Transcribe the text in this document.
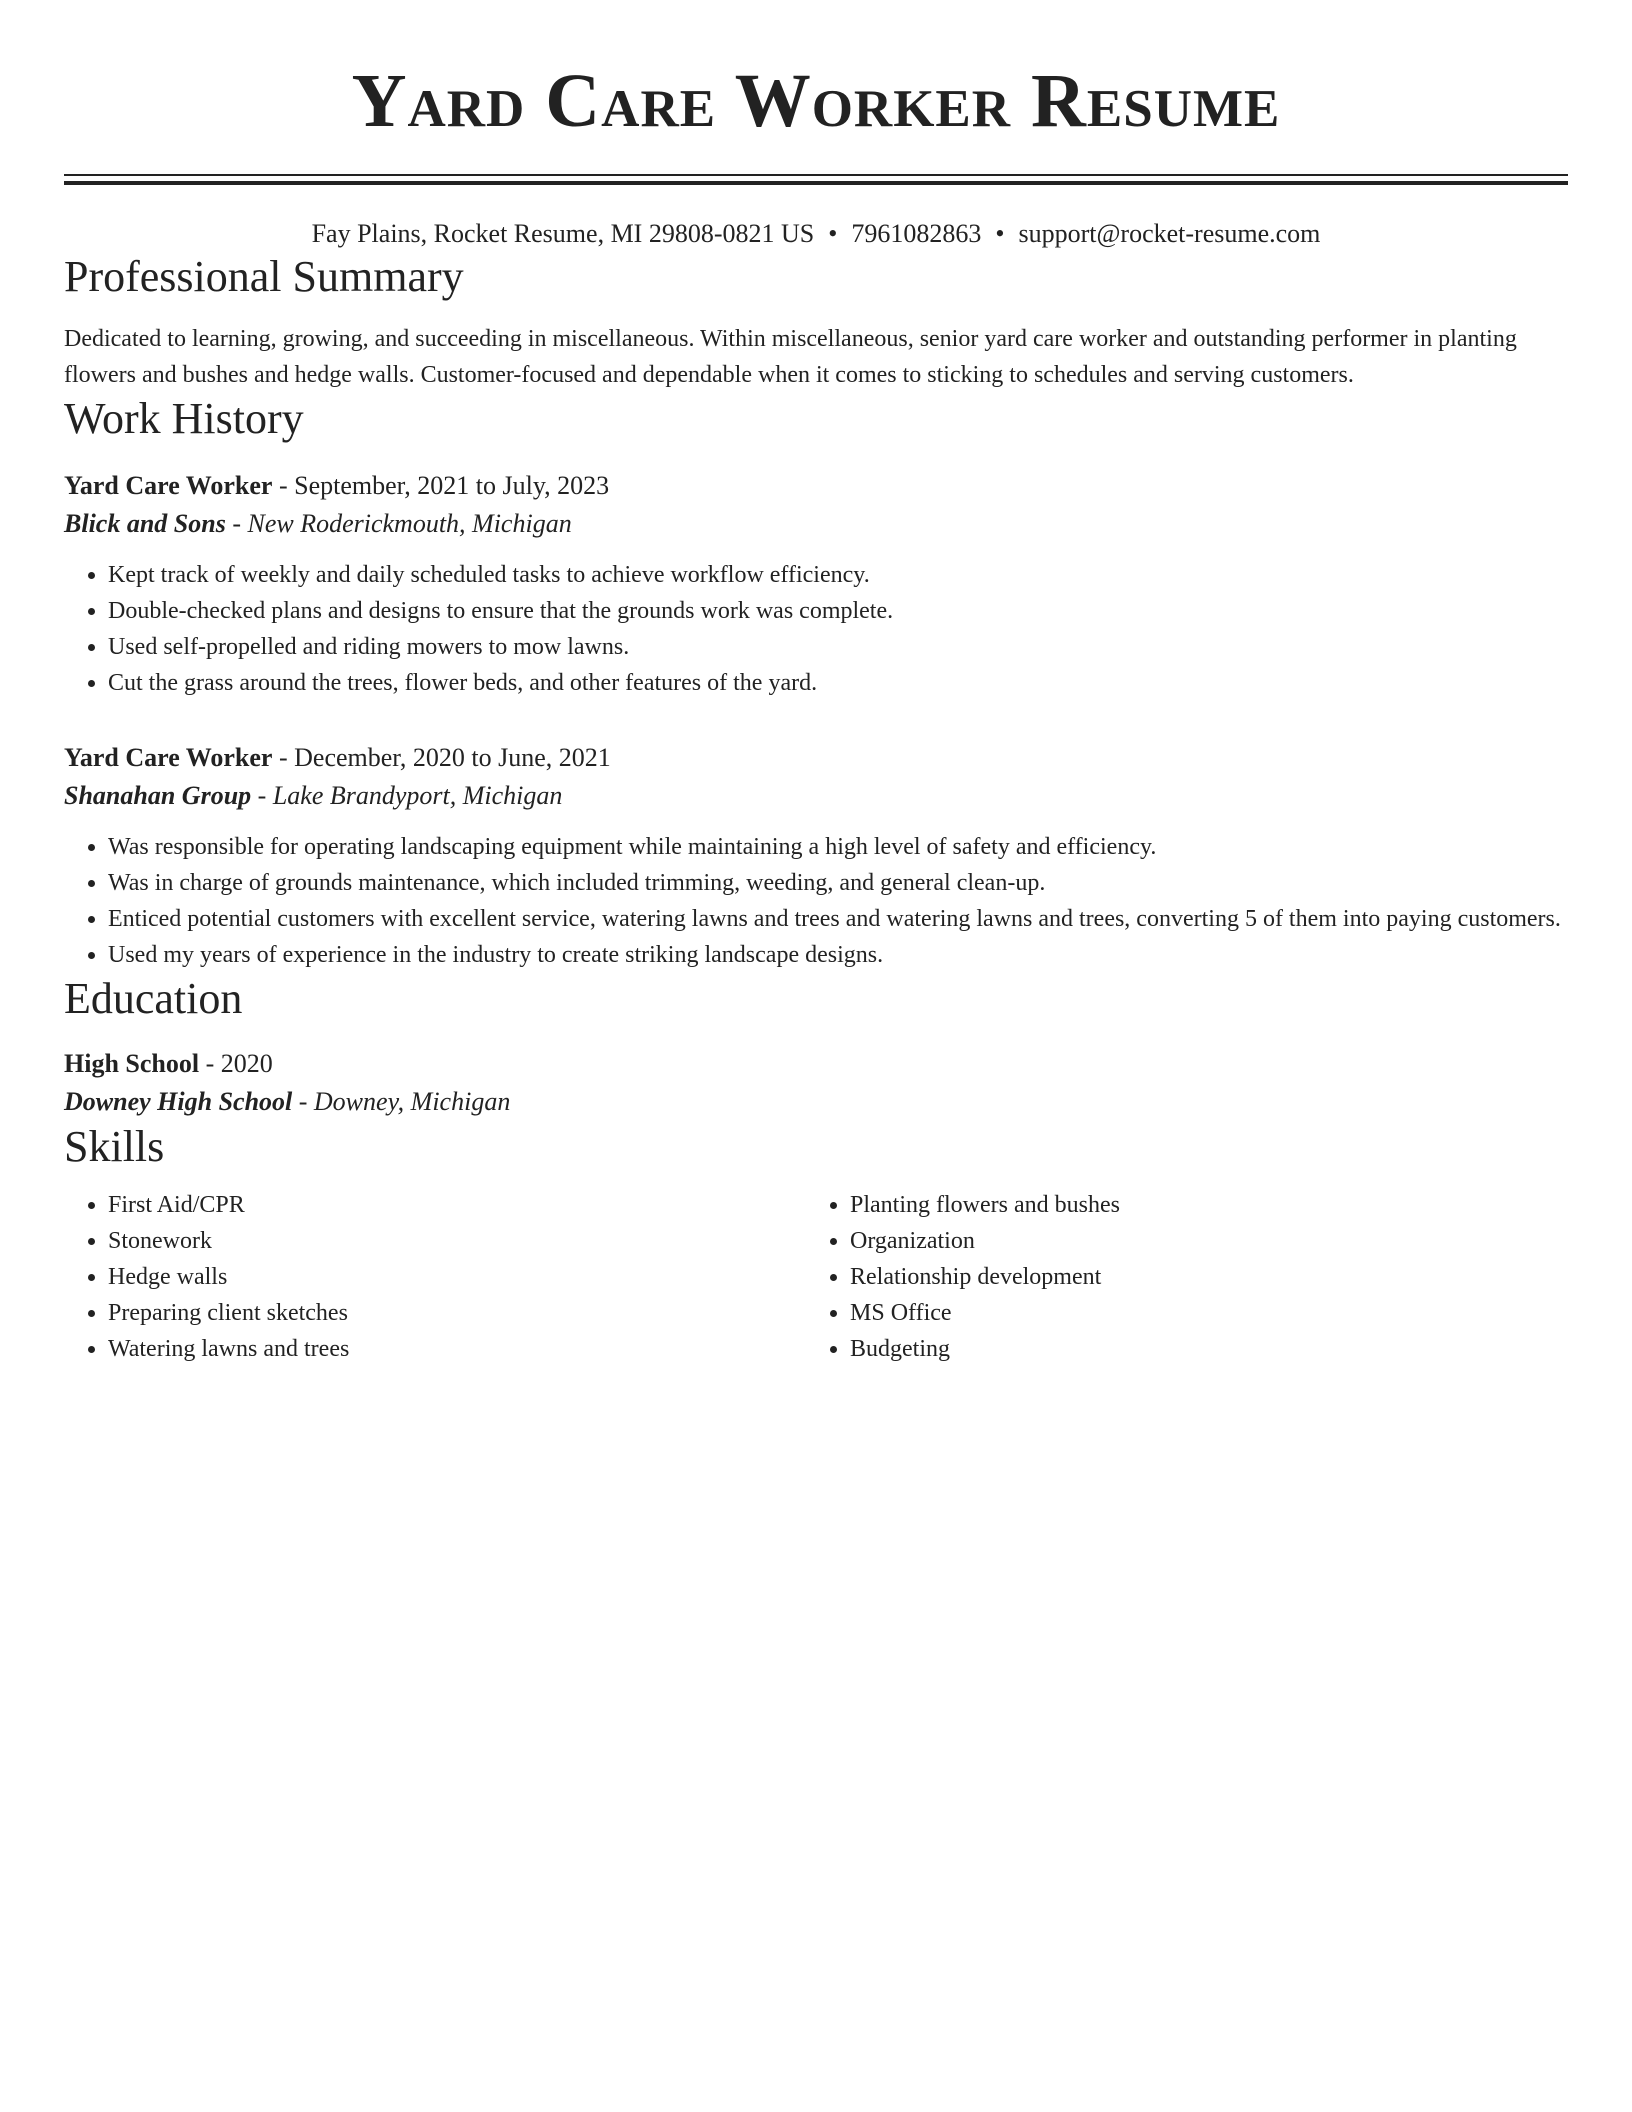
Yard Care Worker Resume
Fay Plains, Rocket Resume, MI 29808-0821 US • 7961082863 • support@rocket-resume.com
Professional Summary

Dedicated to learning, growing, and succeeding in miscellaneous. Within miscellaneous, senior yard care worker and outstanding performer in planting flowers and bushes and hedge walls. Customer-focused and dependable when it comes to sticking to schedules and serving customers.

Work History
Yard Care Worker - September, 2021 to July, 2023
Blick and Sons - New Roderickmouth, Michigan
• Kept track of weekly and daily scheduled tasks to achieve workflow efficiency.
• Double-checked plans and designs to ensure that the grounds work was complete.
• Used self-propelled and riding mowers to mow lawns.
• Cut the grass around the trees, flower beds, and other features of the yard.
Yard Care Worker - December, 2020 to June, 2021
Shanahan Group - Lake Brandyport, Michigan
• Was responsible for operating landscaping equipment while maintaining a high level of safety and efficiency.
• Was in charge of grounds maintenance, which included trimming, weeding, and general clean-up.
• Enticed potential customers with excellent service, watering lawns and trees and watering lawns and trees, converting 5 of them into paying customers.
• Used my years of experience in the industry to create striking landscape designs.
Education
High School - 2020
Downey High School - Downey, Michigan
Skills
• First Aid/CPR
• Stonework
• Hedge walls
• Preparing client sketches
• Watering lawns and trees
• Planting flowers and bushes
• Organization
• Relationship development
• MS Office
• Budgeting
